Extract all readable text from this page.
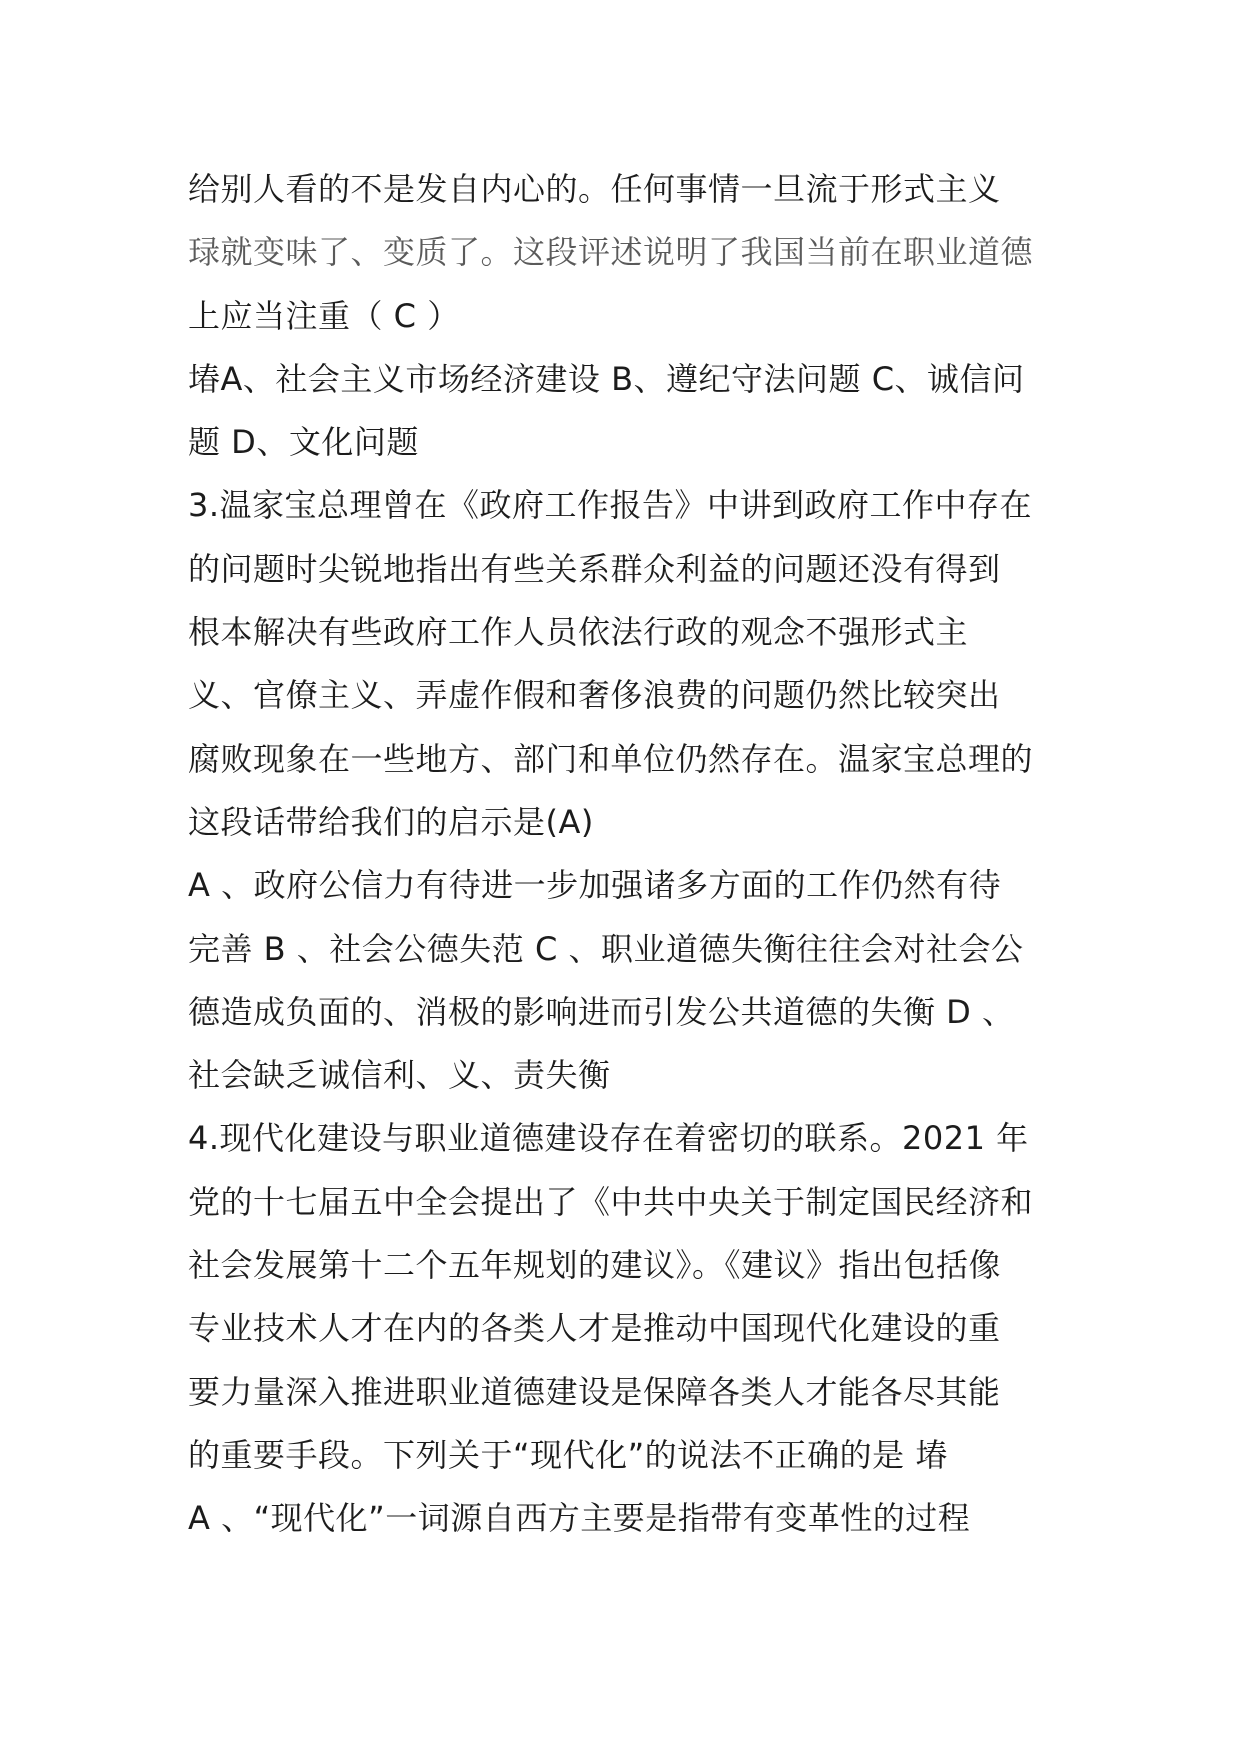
给别人看的不是发自内心的。任何事情一旦流于形式主义
琭就变味了、变质了。这段评述说明了我国当前在职业道德
上应当注重（ C ）
堾A、社会主义市场经济建设 B、遵纪守法问题 C、诚信问
题 D、文化问题
3.温家宝总理曾在《政府工作报告》中讲到政府工作中存在
的问题时尖锐地指出有些关系群众利益的问题还没有得到
根本解决有些政府工作人员依法行政的观念不强形式主
义、官僚主义、弄虚作假和奢侈浪费的问题仍然比较突出
腐败现象在一些地方、部门和单位仍然存在。温家宝总理的
这段话带给我们的启示是(A)
A 、政府公信力有待进一步加强诸多方面的工作仍然有待
完善 B 、社会公德失范 C 、职业道德失衡往往会对社会公
德造成负面的、消极的影响进而引发公共道德的失衡 D 、
社会缺乏诚信利、义、责失衡
4.现代化建设与职业道德建设存在着密切的联系。2021 年
党的十七届五中全会提出了《中共中央关于制定国民经济和
社会发展第十二个五年规划的建议》。《建议》指出包括像
专业技术人才在内的各类人才是推动中国现代化建设的重
要力量深入推进职业道德建设是保障各类人才能各尽其能
的重要手段。下列关于“现代化”的说法不正确的是 堾
A 、“现代化”一词源自西方主要是指带有变革性的过程
